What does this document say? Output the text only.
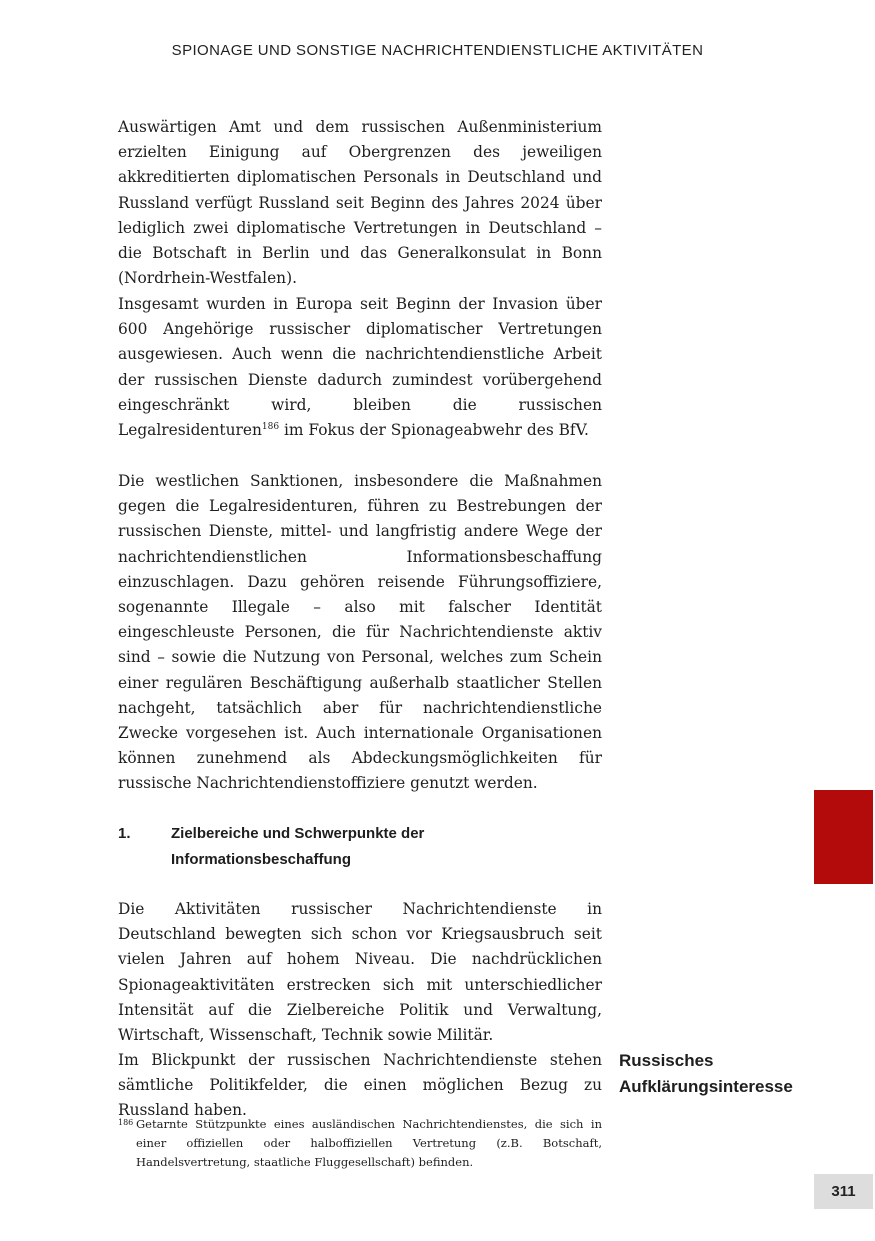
SPIONAGE UND SONSTIGE NACHRICHTENDIENSTLICHE AKTIVITÄTEN

Auswärtigen Amt und dem russischen Außenministerium erzielten Einigung auf Obergrenzen des jeweiligen akkreditierten diplomatischen Personals in Deutschland und Russland verfügt Russland seit Beginn des Jahres 2024 über lediglich zwei diplomatische Vertretungen in Deutschland – die Botschaft in Berlin und das Generalkonsulat in Bonn (Nordrhein-Westfalen).

Insgesamt wurden in Europa seit Beginn der Invasion über 600 Angehörige russischer diplomatischer Vertretungen ausgewiesen. Auch wenn die nachrichtendienstliche Arbeit der russischen Dienste dadurch zumindest vorübergehend eingeschränkt wird, bleiben die russischen Legalresidenturen$^{186}$ im Fokus der Spionageabwehr des BfV.

Die westlichen Sanktionen, insbesondere die Maßnahmen gegen die Legalresidenturen, führen zu Bestrebungen der russischen Dienste, mittel- und langfristig andere Wege der nachrichtendienstlichen Informationsbeschaffung einzuschlagen. Dazu gehören reisende Führungsoffiziere, sogenannte Illegale – also mit falscher Identität eingeschleuste Personen, die für Nachrichtendienste aktiv sind – sowie die Nutzung von Personal, welches zum Schein einer regulären Beschäftigung außerhalb staatlicher Stellen nachgeht, tatsächlich aber für nachrichtendienstliche Zwecke vorgesehen ist. Auch internationale Organisationen können zunehmend als Abdeckungsmöglichkeiten für russische Nachrichtendienstoffiziere genutzt werden.

1.	Zielbereiche und Schwerpunkte der
Informationsbeschaffung

Die Aktivitäten russischer Nachrichtendienste in Deutschland bewegten sich schon vor Kriegsausbruch seit vielen Jahren auf hohem Niveau. Die nachdrücklichen Spionageaktivitäten erstrecken sich mit unterschiedlicher Intensität auf die Zielbereiche Politik und Verwaltung, Wirtschaft, Wissenschaft, Technik sowie Militär.

Im Blickpunkt der russischen Nachrichtendienste stehen sämtliche Politikfelder, die einen möglichen Bezug zu Russland haben.

Russisches
Aufklärungsinteresse
186 Getarnte Stützpunkte eines ausländischen Nachrichtendienstes, die sich in einer offiziellen oder halboffiziellen Vertretung (z.B. Botschaft, Handelsvertretung, staatliche Fluggesellschaft) befinden.
311
